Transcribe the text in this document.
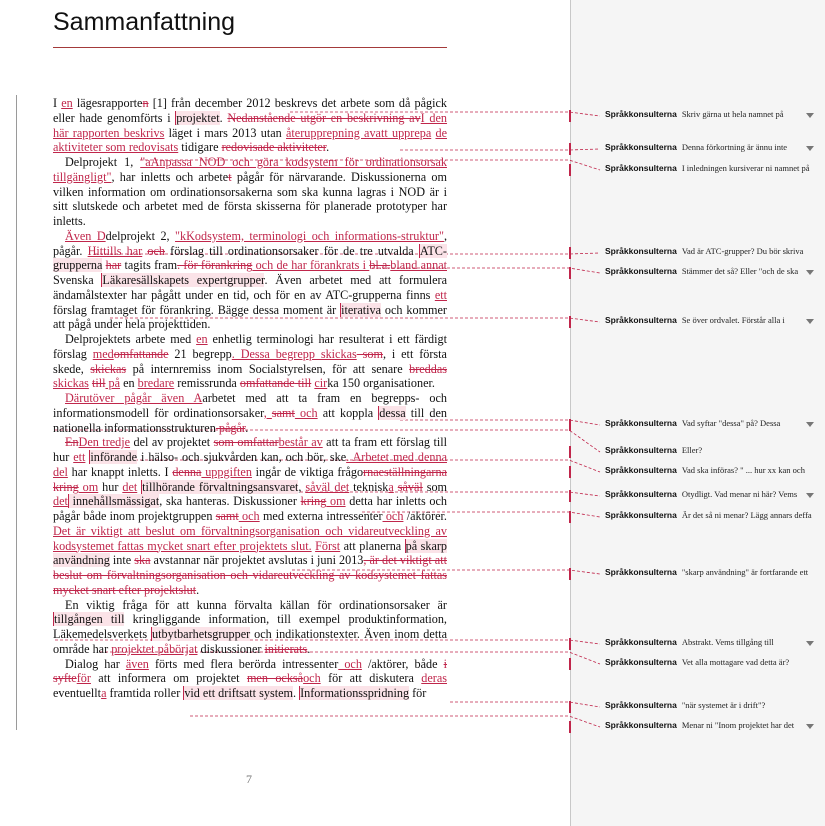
Sammanfattning

I en lägesrapporten [1] från december 2012 beskrevs det arbete som då pågick eller hade genomförts i projektet. Nedanstående utgör en beskrivning avI den här rapporten beskrivs läget i mars 2013 utan återupprepning avatt upprepa de aktiviteter som redovisats tidigare redovisade aktiviteter.

Delprojekt 1, "aAnpassa NOD och göra kodsystem för ordinationsorsak tillgängligt", har inletts och arbetet pågår för närvarande. Diskussionerna om vilken information om ordinationsorsakerna som ska kunna lagras i NOD är i sitt slutskede och arbetet med de första skisserna för planerade prototyper har inletts.

Även Ddelprojekt 2, "kKodsystem, terminologi och informations-struktur", pågår. Hittills har och förslag till ordinationsorsaker för de tre utvalda ATC-grupperna har tagits fram. för förankring och de har förankrats i bl.a.bland annat Svenska Läkaresällskapets expertgrupper. Även arbetet med att formulera ändamålstexter har pågått under en tid, och för en av ATC-grupperna finns ett förslag framtaget för förankring. Bägge dessa moment är iterativa och kommer att pågå under hela projekttiden.

Delprojektets arbete med en enhetlig terminologi har resulterat i ett färdigt förslag medomfattande 21 begrepp. Dessa begrepp skickas som, i ett första skede, skickas på internremiss inom Socialstyrelsen, för att senare breddas skickas till på en bredare remissrunda omfattande till cirka 150 organisationer.

Därutöver pågår även Aarbetet med att ta fram en begrepps- och informationsmodell för ordinationsorsaker, samt och att koppla dessa till den nationella informationsstrukturen pågår.

EnDen tredje del av projektet som omfattarbestår av att ta fram ett förslag till hur ett införande i hälso- och sjukvården kan, och bör, ske. Arbetet med denna del har knappt inletts. I denna uppgiften ingår de viktiga frågornaeställningarna kring om hur det tillhörande förvaltningsansvaret, såväl det tekniska såväl som det innehållsmässigat, ska hanteras. Diskussioner kring om detta har inletts och pågår både inom projektgruppen samt och med externa intressenter och /aktörer. Det är viktigt att beslut om förvaltningsorganisation och vidareutveckling av kodsystemet fattas mycket snart efter projektets slut. Först att planerna på skarp användning inte ska avstannar när projektet avslutas i juni 2013, är det viktigt att beslut om förvaltningsorganisation och vidareutveckling av kodsystemet fattas mycket snart efter projektslut.

En viktig fråga för att kunna förvalta källan för ordinationsorsaker är tillgången till kringliggande information, till exempel produktinformation, Läkemedelsverkets utbytbarhetsgrupper och indikationstexter. Även inom detta område har projektet påbörjat diskussioner initierats.

Dialog har även förts med flera berörda intressenter och /aktörer, både i syfteför att informera om projektet men ocksåoch för att diskutera deras eventuellta framtida roller vid ett driftsatt system. Informationsspridning för

Språkkonsulterna Skriv gärna ut hela namnet på
Språkkonsulterna Denna förkortning är ännu inte
Språkkonsulterna I inledningen kursiverar ni namnet på
Språkkonsulterna Vad är ATC-grupper? Du bör skriva
Språkkonsulterna Stämmer det så? Eller "och de ska
Språkkonsulterna Se över ordvalet. Förstår alla i
Språkkonsulterna Vad syftar "dessa" på? Dessa
Språkkonsulterna Eller?
Språkkonsulterna Vad ska införas? " ... hur xx kan och
Språkkonsulterna Otydligt. Vad menar ni här? Vems
Språkkonsulterna Är det så ni menar? Lägg annars deffa
Språkkonsulterna "skarp användning" är fortfarande ett
Språkkonsulterna Abstrakt. Vems tillgång till
Språkkonsulterna Vet alla mottagare vad detta är?
Språkkonsulterna "när systemet är i drift"?
Språkkonsulterna Menar ni "Inom projektet har det
7
